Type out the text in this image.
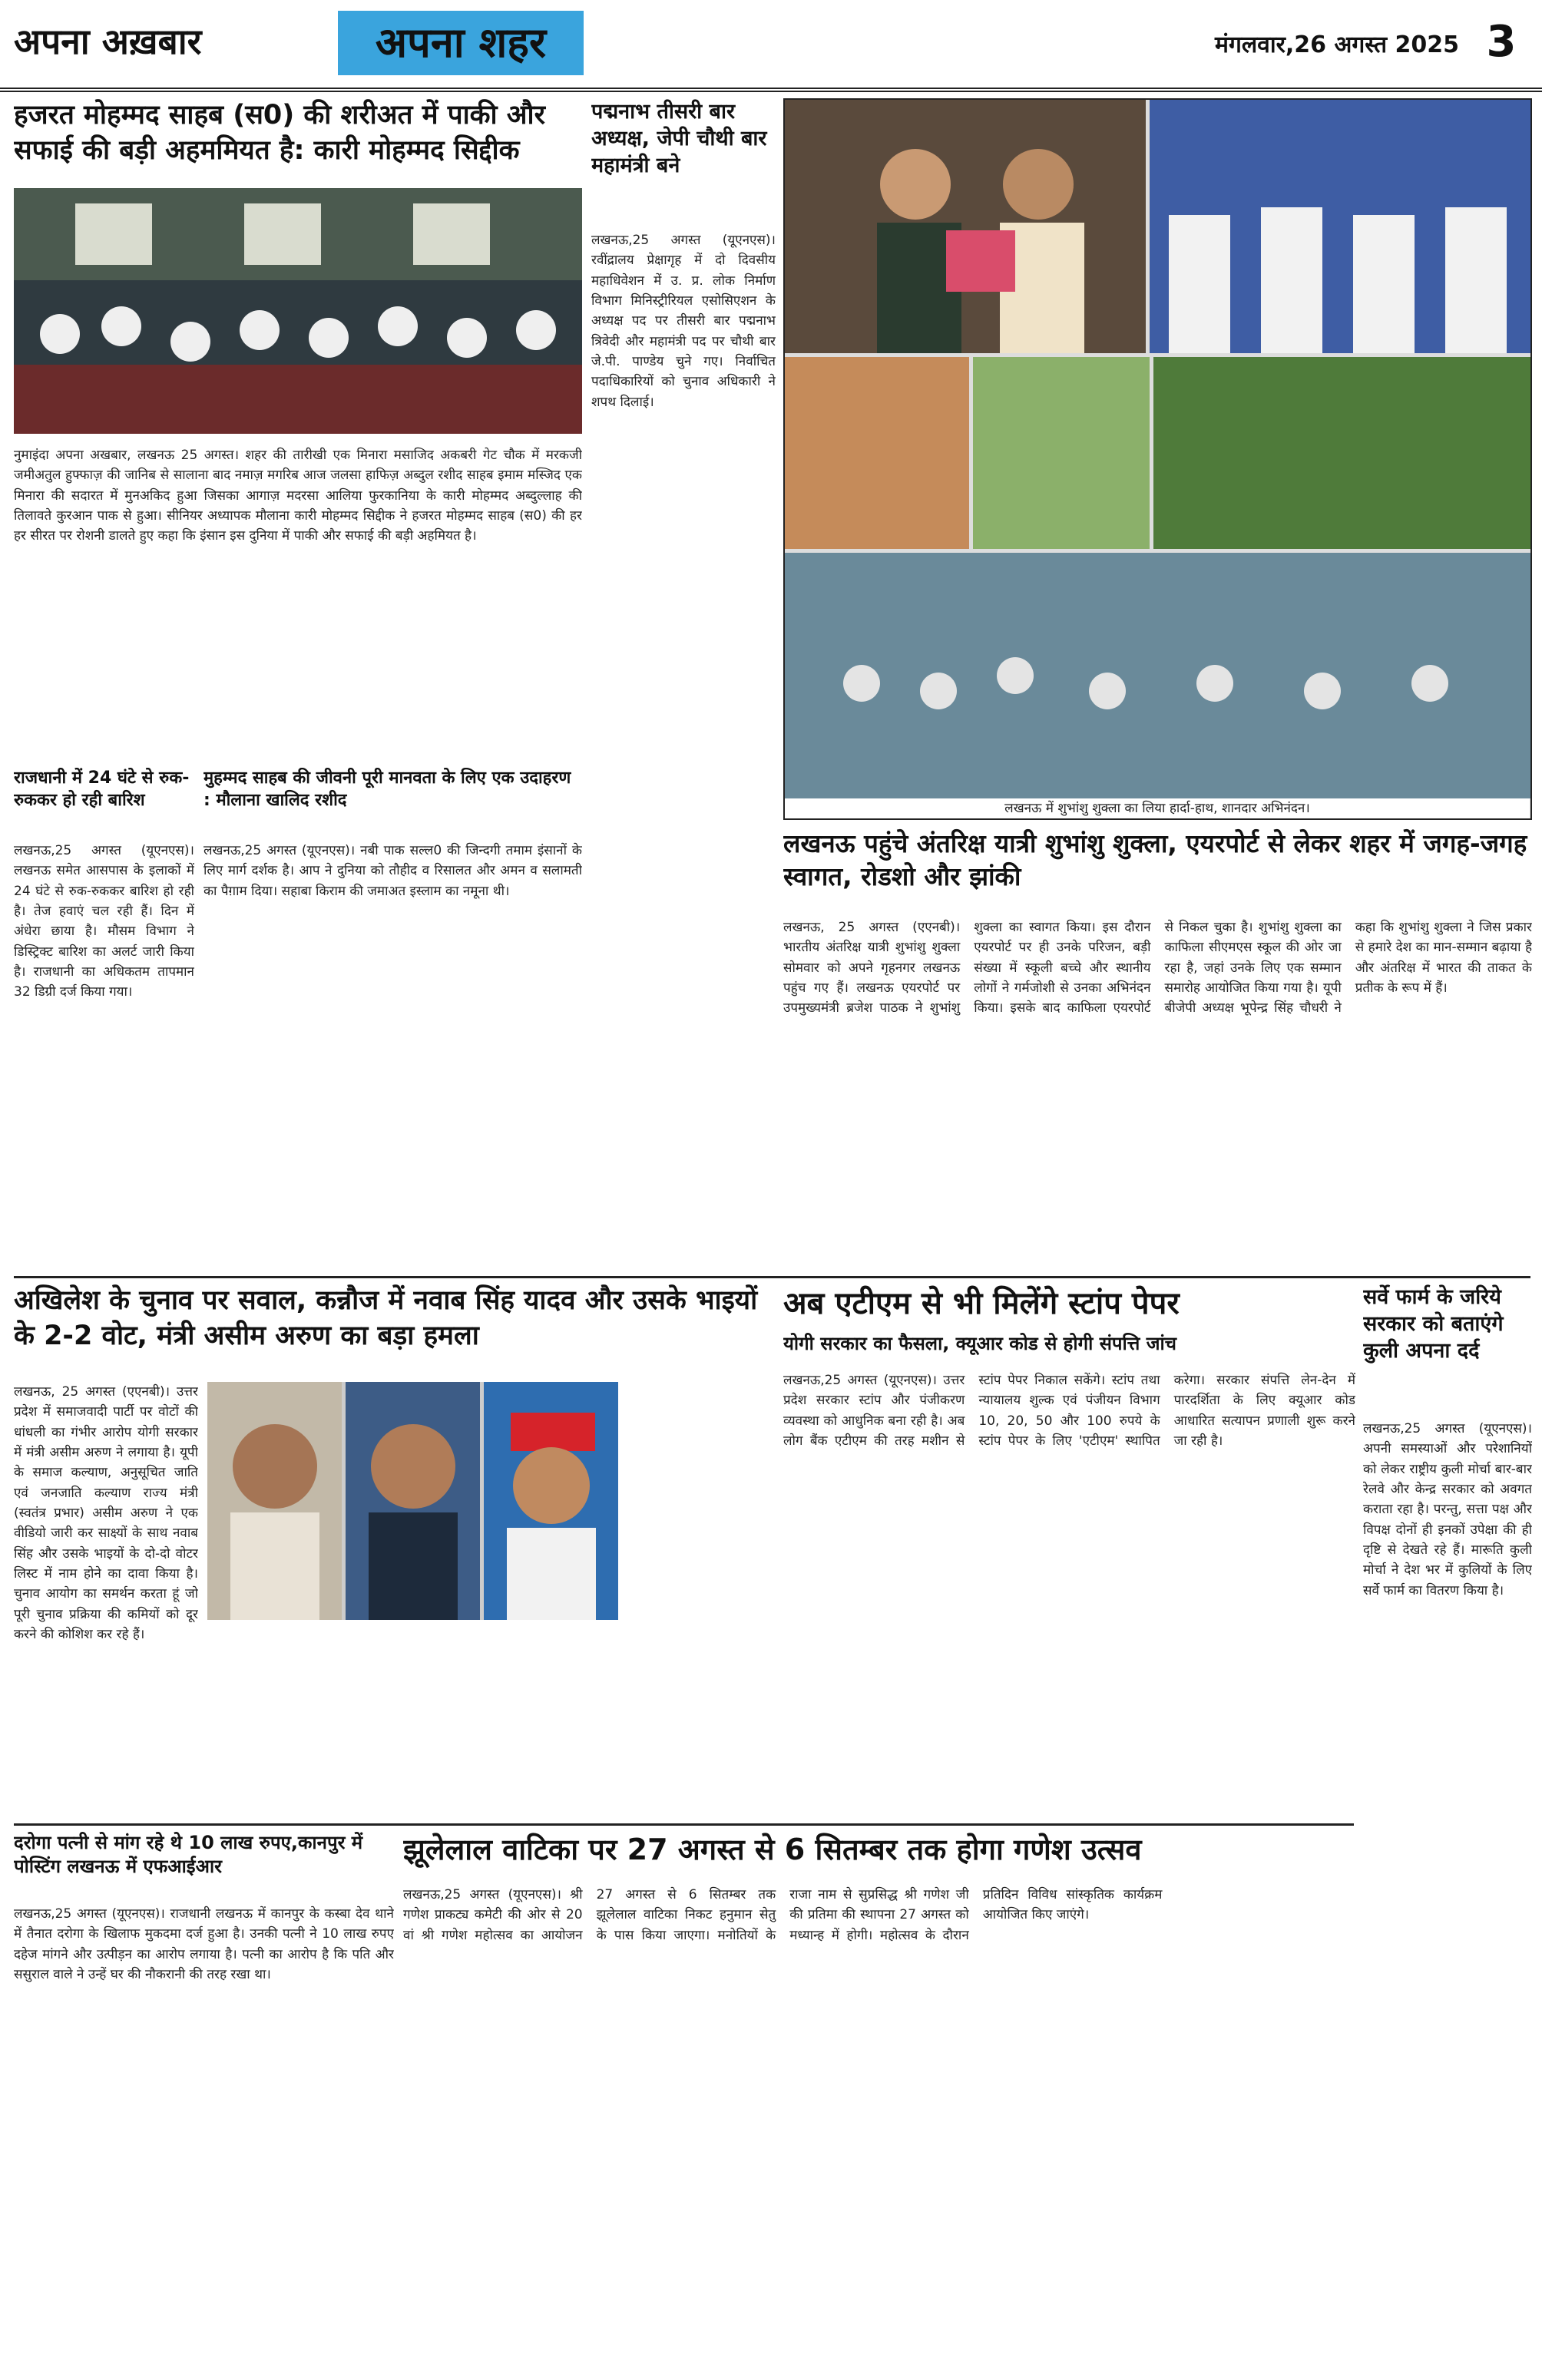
अपना अख़बार	अपना शहर	मंगलवार,26 अगस्त 2025 3
हजरत मोहम्मद साहब (स0) की शरीअत में पाकी और सफाई की बड़ी अहममियत है: कारी मोहम्मद सिद्दीक
नुमाइंदा अपना अखबार, लखनऊ 25 अगस्त। शहर की तारीखी एक मिनारा मसाजिद अकबरी गेट चौक में मरकजी जमीअतुल हुफ्फाज़ की जानिब से सालाना बाद नमाज़ मगरिब आज जलसा हाफिज़ अब्दुल रशीद साहब इमाम मस्जिद एक मिनारा की सदारत में मुनअकिद हुआ जिसका आगाज़ मदरसा आलिया फुरकानिया के कारी मोहम्मद अब्दुल्लाह की तिलावते कुरआन पाक से हुआ। सीनियर अध्यापक मौलाना कारी मोहम्मद सिद्दीक ने हजरत मोहम्मद साहब (स0) की हर हर सीरत पर रोशनी डालते हुए कहा कि इंसान इस दुनिया में पाकी और सफाई की बड़ी अहमियत है।
राजधानी में 24 घंटे से रुक-रुककर हो रही बारिश
लखनऊ,25 अगस्त (यूएनएस)। लखनऊ समेत आसपास के इलाकों में 24 घंटे से रुक-रुककर बारिश हो रही है। तेज हवाएं चल रही हैं। दिन में अंधेरा छाया है। मौसम विभाग ने डिस्ट्रिक्ट बारिश का अलर्ट जारी किया है। राजधानी का अधिकतम तापमान 32 डिग्री दर्ज किया गया।
मुहम्मद साहब की जीवनी पूरी मानवता के लिए एक उदाहरण : मौलाना खालिद रशीद
लखनऊ,25 अगस्त (यूएनएस)। नबी पाक सल्ल0 की जिन्दगी तमाम इंसानों के लिए मार्ग दर्शक है। आप ने दुनिया को तौहीद व रिसालत और अमन व सलामती का पैग़ाम दिया। सहाबा किराम की जमाअत इस्लाम का नमूना थी।
पद्मनाभ तीसरी बार अध्यक्ष, जेपी चौथी बार महामंत्री बने
लखनऊ,25 अगस्त (यूएनएस)। रवींद्रालय प्रेक्षागृह में दो दिवसीय महाधिवेशन में उ. प्र. लोक निर्माण विभाग मिनिस्ट्रीरियल एसोसिएशन के अध्यक्ष पद पर तीसरी बार पद्मनाभ त्रिवेदी और महामंत्री पद पर चौथी बार जे.पी. पाण्डेय चुने गए। निर्वाचित पदाधिकारियों को चुनाव अधिकारी ने शपथ दिलाई।
लखनऊ में शुभांशु शुक्ला का लिया हार्दा-हाथ, शानदार अभिनंदन।
लखनऊ पहुंचे अंतरिक्ष यात्री शुभांशु शुक्ला, एयरपोर्ट से लेकर शहर में जगह-जगह स्वागत, रोडशो और झांकी
लखनऊ, 25 अगस्त (एएनबी)। भारतीय अंतरिक्ष यात्री शुभांशु शुक्ला सोमवार को अपने गृहनगर लखनऊ पहुंच गए हैं। लखनऊ एयरपोर्ट पर उपमुख्यमंत्री ब्रजेश पाठक ने शुभांशु शुक्ला का स्वागत किया। इस दौरान एयरपोर्ट पर ही उनके परिजन, बड़ी संख्या में स्कूली बच्चे और स्थानीय लोगों ने गर्मजोशी से उनका अभिनंदन किया। इसके बाद काफिला एयरपोर्ट से निकल चुका है। शुभांशु शुक्ला का काफिला सीएमएस स्कूल की ओर जा रहा है, जहां उनके लिए एक सम्मान समारोह आयोजित किया गया है। यूपी बीजेपी अध्यक्ष भूपेन्द्र सिंह चौधरी ने कहा कि शुभांशु शुक्ला ने जिस प्रकार से हमारे देश का मान-सम्मान बढ़ाया है और अंतरिक्ष में भारत की ताकत के प्रतीक के रूप में हैं।
अखिलेश के चुनाव पर सवाल, कन्नौज में नवाब सिंह यादव और उसके भाइयों के 2-2 वोट, मंत्री असीम अरुण का बड़ा हमला
लखनऊ, 25 अगस्त (एएनबी)। उत्तर प्रदेश में समाजवादी पार्टी पर वोटों की धांधली का गंभीर आरोप योगी सरकार में मंत्री असीम अरुण ने लगाया है। यूपी के समाज कल्याण, अनुसूचित जाति एवं जनजाति कल्याण राज्य मंत्री (स्वतंत्र प्रभार) असीम अरुण ने एक वीडियो जारी कर साक्ष्यों के साथ नवाब सिंह और उसके भाइयों के दो-दो वोटर लिस्ट में नाम होने का दावा किया है। चुनाव आयोग का समर्थन करता हूं जो पूरी चुनाव प्रक्रिया की कमियों को दूर करने की कोशिश कर रहे हैं।
अब एटीएम से भी मिलेंगे स्टांप पेपर
योगी सरकार का फैसला, क्यूआर कोड से होगी संपत्ति जांच
लखनऊ,25 अगस्त (यूएनएस)। उत्तर प्रदेश सरकार स्टांप और पंजीकरण व्यवस्था को आधुनिक बना रही है। अब लोग बैंक एटीएम की तरह मशीन से स्टांप पेपर निकाल सकेंगे। स्टांप तथा न्यायालय शुल्क एवं पंजीयन विभाग 10, 20, 50 और 100 रुपये के स्टांप पेपर के लिए 'एटीएम' स्थापित करेगा। सरकार संपत्ति लेन-देन में पारदर्शिता के लिए क्यूआर कोड आधारित सत्यापन प्रणाली शुरू करने जा रही है।
सर्वे फार्म के जरिये सरकार को बताएंगे कुली अपना दर्द
लखनऊ,25 अगस्त (यूएनएस)। अपनी समस्याओं और परेशानियों को लेकर राष्ट्रीय कुली मोर्चा बार-बार रेलवे और केन्द्र सरकार को अवगत कराता रहा है। परन्तु, सत्ता पक्ष और विपक्ष दोनों ही इनकों उपेक्षा की ही दृष्टि से देखते रहे हैं। मारूति कुली मोर्चा ने देश भर में कुलियों के लिए सर्वे फार्म का वितरण किया है।
दरोगा पत्नी से मांग रहे थे 10 लाख रुपए,कानपुर में पोस्टिंग लखनऊ में एफआईआर
लखनऊ,25 अगस्त (यूएनएस)। राजधानी लखनऊ में कानपुर के कस्बा देव थाने में तैनात दरोगा के खिलाफ मुकदमा दर्ज हुआ है। उनकी पत्नी ने 10 लाख रुपए दहेज मांगने और उत्पीड़न का आरोप लगाया है। पत्नी का आरोप है कि पति और ससुराल वाले ने उन्हें घर की नौकरानी की तरह रखा था।
झूलेलाल वाटिका पर 27 अगस्त से 6 सितम्बर तक होगा गणेश उत्सव
लखनऊ,25 अगस्त (यूएनएस)। श्री गणेश प्राकट्य कमेटी की ओर से 20 वां श्री गणेश महोत्सव का आयोजन 27 अगस्त से 6 सितम्बर तक झूलेलाल वाटिका निकट हनुमान सेतु के पास किया जाएगा। मनोतियों के राजा नाम से सुप्रसिद्ध श्री गणेश जी की प्रतिमा की स्थापना 27 अगस्त को मध्यान्ह में होगी। महोत्सव के दौरान प्रतिदिन विविध सांस्कृतिक कार्यक्रम आयोजित किए जाएंगे।
